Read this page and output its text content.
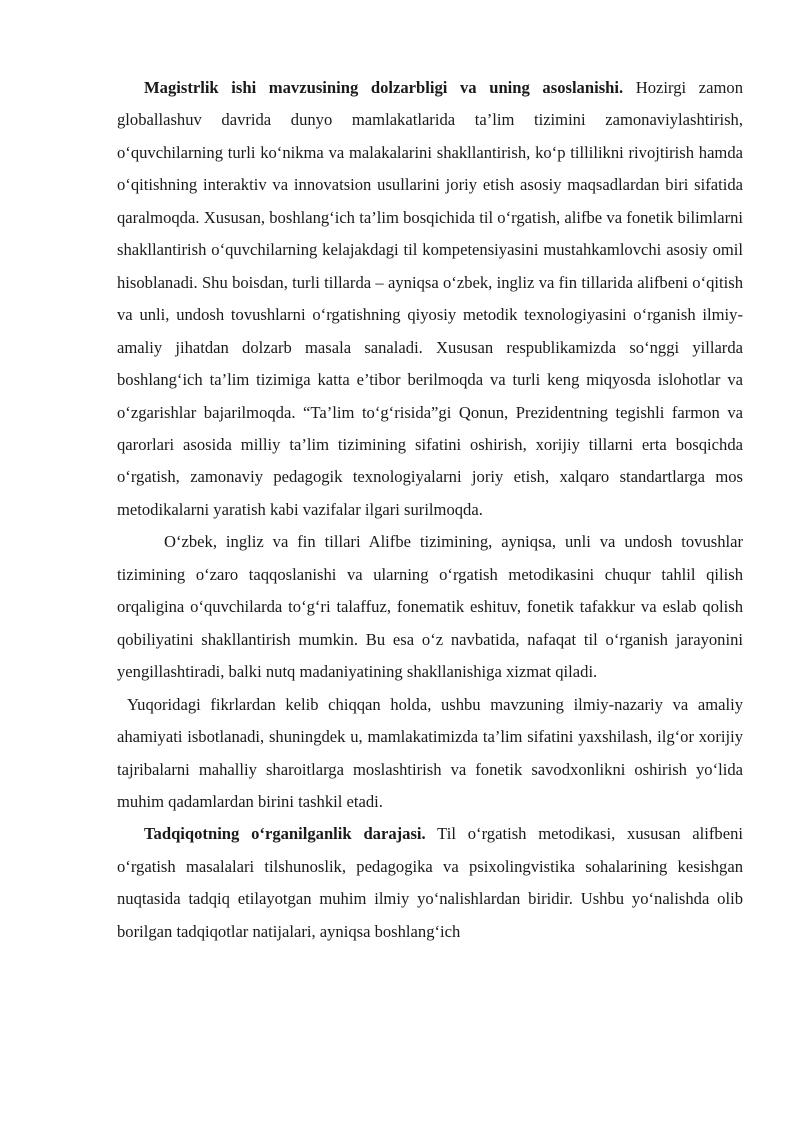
Magistrlik ishi mavzusining dolzarbligi va uning asoslanishi. Hozirgi zamon globallashuv davrida dunyo mamlakatlarida ta’lim tizimini zamonaviylashtirish, o‘quvchilarning turli ko‘nikma va malakalarini shakllantirish, ko‘p tillilikni rivojtirish hamda o‘qitishning interaktiv va innovatsion usullarini joriy etish asosiy maqsadlardan biri sifatida qaralmoqda. Xususan, boshlang‘ich ta’lim bosqichida til o‘rgatish, alifbe va fonetik bilimlarni shakllantirish o‘quvchilarning kelajakdagi til kompetensiyasini mustahkamlovchi asosiy omil hisoblanadi. Shu boisdan, turli tillarda – ayniqsa o‘zbek, ingliz va fin tillarida alifbeni o‘qitish va unli, undosh tovushlarni o‘rgatishning qiyosiy metodik texnologiyasini o‘rganish ilmiy-amaliy jihatdan dolzarb masala sanaladi. Xususan respublikamizda so‘nggi yillarda boshlang‘ich ta’lim tizimiga katta e’tibor berilmoqda va turli keng miqyosda islohotlar va o‘zgarishlar bajarilmoqda. “Ta’lim to‘g‘risida”gi Qonun, Prezidentning tegishli farmon va qarorlari asosida milliy ta’lim tizimining sifatini oshirish, xorijiy tillarni erta bosqichda o‘rgatish, zamonaviy pedagogik texnologiyalarni joriy etish, xalqaro standartlarga mos metodikalarni yaratish kabi vazifalar ilgari surilmoqda.

O‘zbek, ingliz va fin tillari Alifbe tizimining, ayniqsa, unli va undosh tovushlar tizimining o‘zaro taqqoslanishi va ularning o‘rgatish metodikasini chuqur tahlil qilish orqaligina o‘quvchilarda to‘g‘ri talaffuz, fonematik eshituv, fonetik tafakkur va eslab qolish qobiliyatini shakllantirish mumkin. Bu esa o‘z navbatida, nafaqat til o‘rganish jarayonini yengillashtiradi, balki nutq madaniyatining shakllanishiga xizmat qiladi.

Yuqoridagi fikrlardan kelib chiqqan holda, ushbu mavzuning ilmiy-nazariy va amaliy ahamiyati isbotlanadi, shuningdek u, mamlakatimizda ta’lim sifatini yaxshilash, ilg‘or xorijiy tajribalarni mahalliy sharoitlarga moslashtirish va fonetik savodxonlikni oshirish yo‘lida muhim qadamlardan birini tashkil etadi.

Tadqiqotning o‘rganilganlik darajasi. Til o‘rgatish metodikasi, xususan alifbeni o‘rgatish masalalari tilshunoslik, pedagogika va psixolingvistika sohalarining kesishgan nuqtasida tadqiq etilayotgan muhim ilmiy yo‘nalishlardan biridir. Ushbu yo‘nalishda olib borilgan tadqiqotlar natijalari, ayniqsa boshlang‘ich
